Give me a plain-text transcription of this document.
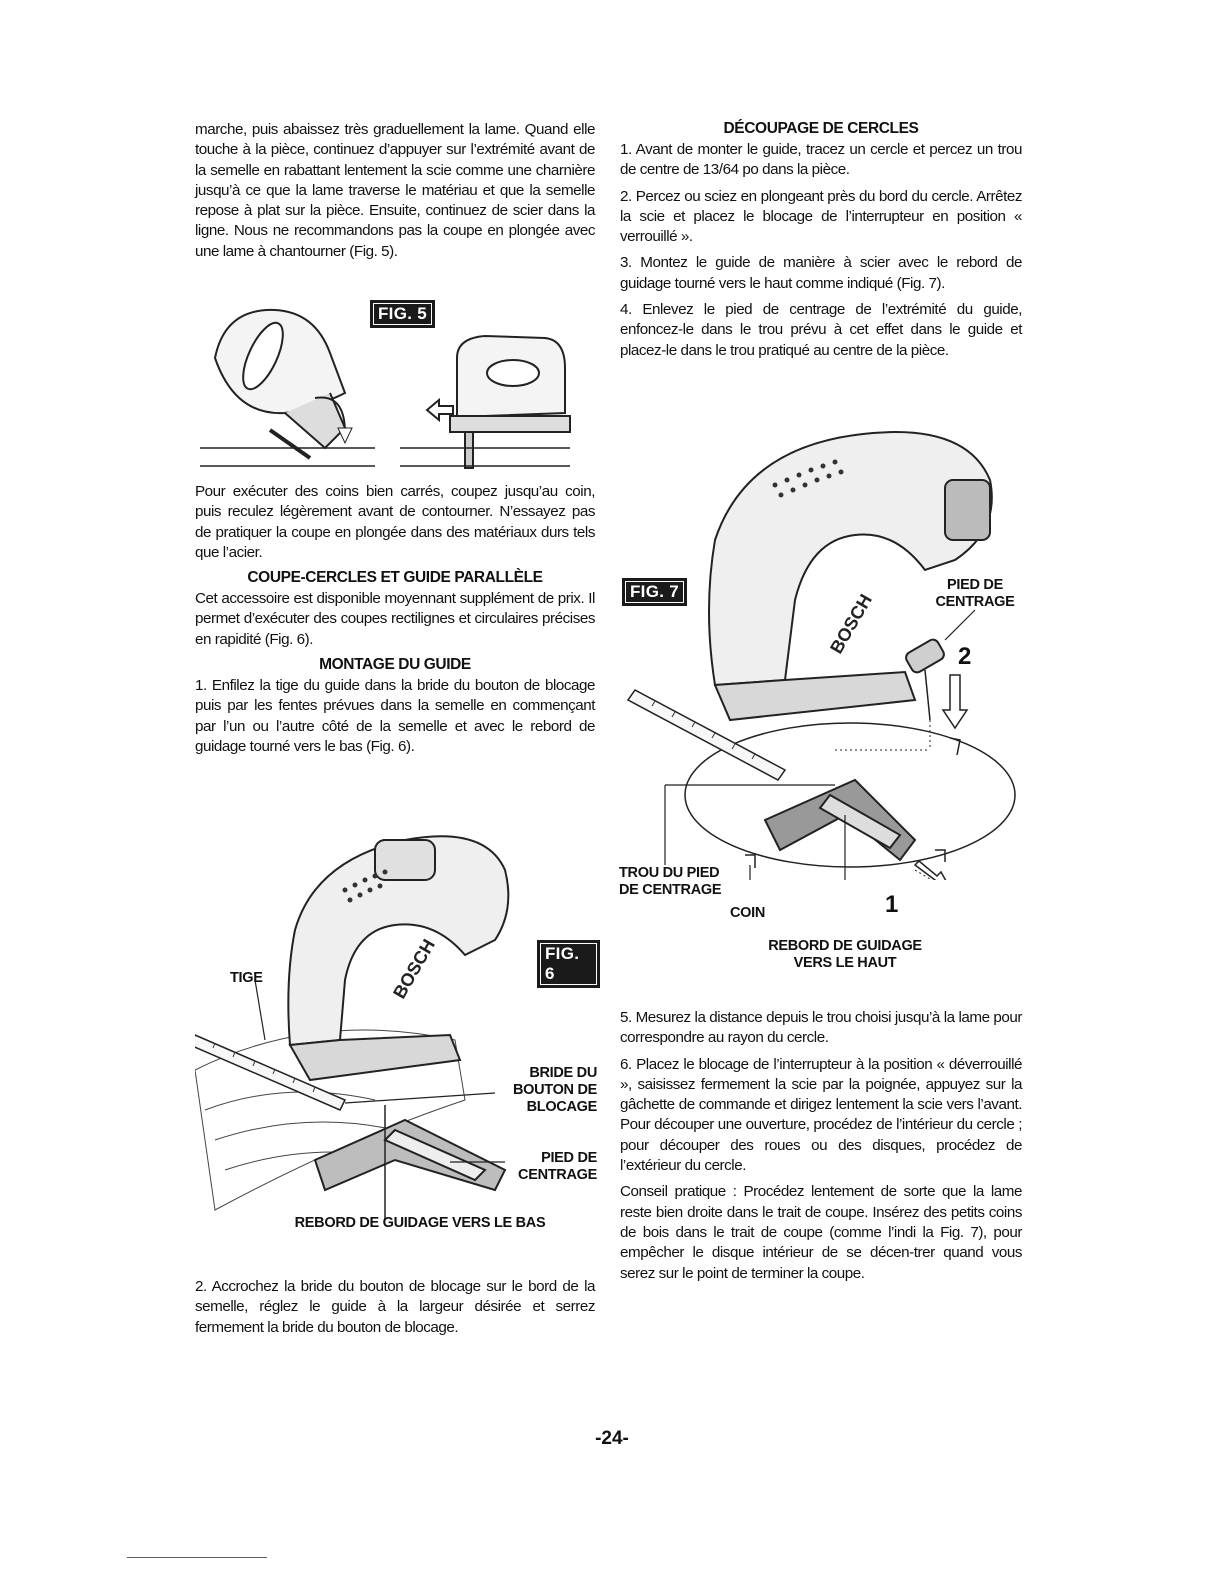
marche, puis abaissez très graduellement la lame. Quand elle touche à la pièce, continuez d’appuyer sur l’extrémité avant de la semelle en rabattant lentement la scie comme une charnière jusqu’à ce que la lame traverse le matériau et que la semelle repose à plat sur la pièce. Ensuite, continuez de scier dans la ligne. Nous ne recommandons pas la coupe en plongée avec une lame à chantourner (Fig. 5).

Pour exécuter des coins bien carrés, coupez jusqu’au coin, puis reculez légèrement avant de contourner. N’essayez pas de pratiquer la coupe en plongée dans des matériaux durs tels que l’acier.

COUPE-CERCLES ET GUIDE PARALLÈLE

Cet accessoire est disponible moyennant supplément de prix. Il permet d’exécuter des coupes rectilignes et circulaires précises en rapidité (Fig. 6).

MONTAGE DU GUIDE

1. Enfilez la tige du guide dans la bride du bouton de blocage puis par les fentes prévues dans la semelle en commençant par l’un ou l’autre côté de la semelle et avec le rebord de guidage tourné vers le bas (Fig. 6).

2. Accrochez la bride du bouton de blocage sur le bord de la semelle, réglez le guide à la largeur désirée et serrez fermement la bride du bouton de blocage.

FIG. 5
BOSCH	FIG. 6
TIGE
BRIDE DU
BOUTON DE
BLOCAGE
PIED DE
CENTRAGE
REBORD DE GUIDAGE VERS LE BAS
DÉCOUPAGE DE CERCLES

1. Avant de monter le guide, tracez un cercle et percez un trou de centre de 13/64 po dans la pièce.

2. Percez ou sciez en plongeant près du bord du cercle. Arrêtez la scie et placez le blocage de l’interrupteur en position « verrouillé ».

3. Montez le guide de manière à scier avec le rebord de guidage tourné vers le haut comme indiqué (Fig. 7).

4. Enlevez le pied de centrage de l’extrémité du guide, enfoncez-le dans le trou prévu à cet effet dans le guide et placez-le dans le trou pratiqué au centre de la pièce.

BOSCH
FIG. 7	PIED DE
CENTRAGE
2
TROU DU PIED
DE CENTRAGE
COIN	1
REBORD DE GUIDAGE
VERS LE HAUT

5. Mesurez la distance depuis le trou choisi jusqu’à la lame pour correspondre au rayon du cercle.

6. Placez le blocage de l’interrupteur à la position « déverrouillé », saisissez fermement la scie par la poignée, appuyez sur la gâchette de commande et dirigez lentement la scie vers l’avant. Pour découper une ouverture, procédez de l’intérieur du cercle ; pour découper des roues ou des disques, procédez de l’extérieur du cercle.

Conseil pratique : Procédez lentement de sorte que la lame reste bien droite dans le trait de coupe. Insérez des petits coins de bois dans le trait de coupe (comme l’indi la Fig. 7), pour empêcher le disque intérieur de se décen-trer quand vous serez sur le point de terminer la coupe.

-24-
